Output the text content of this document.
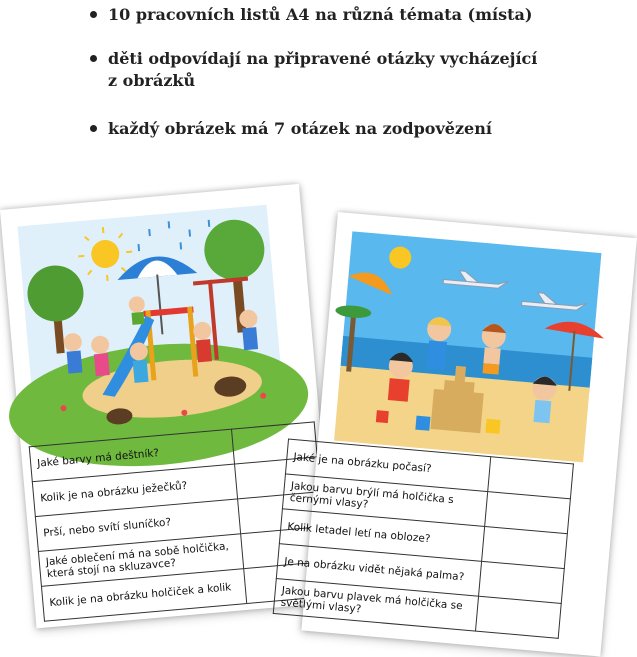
10 pracovních listů A4 na různá témata (místa)
děti odpovídají na připravené otázky vycházející
z obrázků
každý obrázek má 7 otázek na zodpovězení
Jaké barvy má deštník?	
Kolik je na obrázku ježečků?	
Prší, nebo svítí sluníčko?	
Jaké oblečení má na sobě holčička, která stojí na skluzavce?	
Kolik je na obrázku holčiček a kolik	
Jaké je na obrázku počasí?	
Jakou barvu brýlí má holčička s černými vlasy?	
Kolik letadel letí na obloze?	
Je na obrázku vidět nějaká palma?	
Jakou barvu plavek má holčička se světlými vlasy?	
